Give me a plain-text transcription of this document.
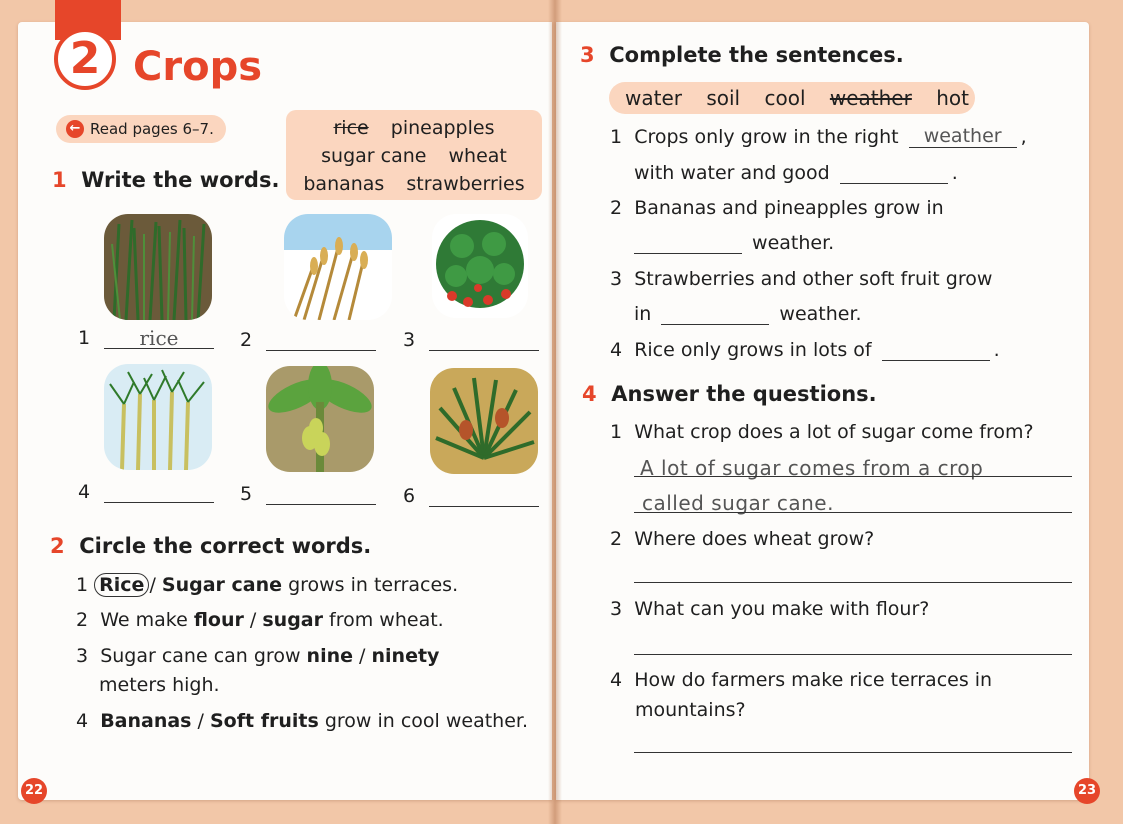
2 Crops
← Read pages 6–7.	rice pineapples
sugar cane wheat
bananas strawberries
1 Write the words.
1 rice	2	3
4	5	6
2 Circle the correct words.
1 Rice / Sugar cane grows in terraces.
2 We make flour / sugar from wheat.
3 Sugar cane can grow nine / ninety
meters high.
4 Bananas / Soft fruits grow in cool weather.
22
3 Complete the sentences.
water soil cool weather hot
1 Crops only grow in the right weather ,
with water and good	.
2 Bananas and pineapples grow in
weather.
3 Strawberries and other soft fruit grow
in	weather.
4 Rice only grows in lots of	.
4 Answer the questions.
1 What crop does a lot of sugar come from?
A lot of sugar comes from a crop
called sugar cane.
2 Where does wheat grow?
3 What can you make with flour?
4 How do farmers make rice terraces in
mountains?
23
